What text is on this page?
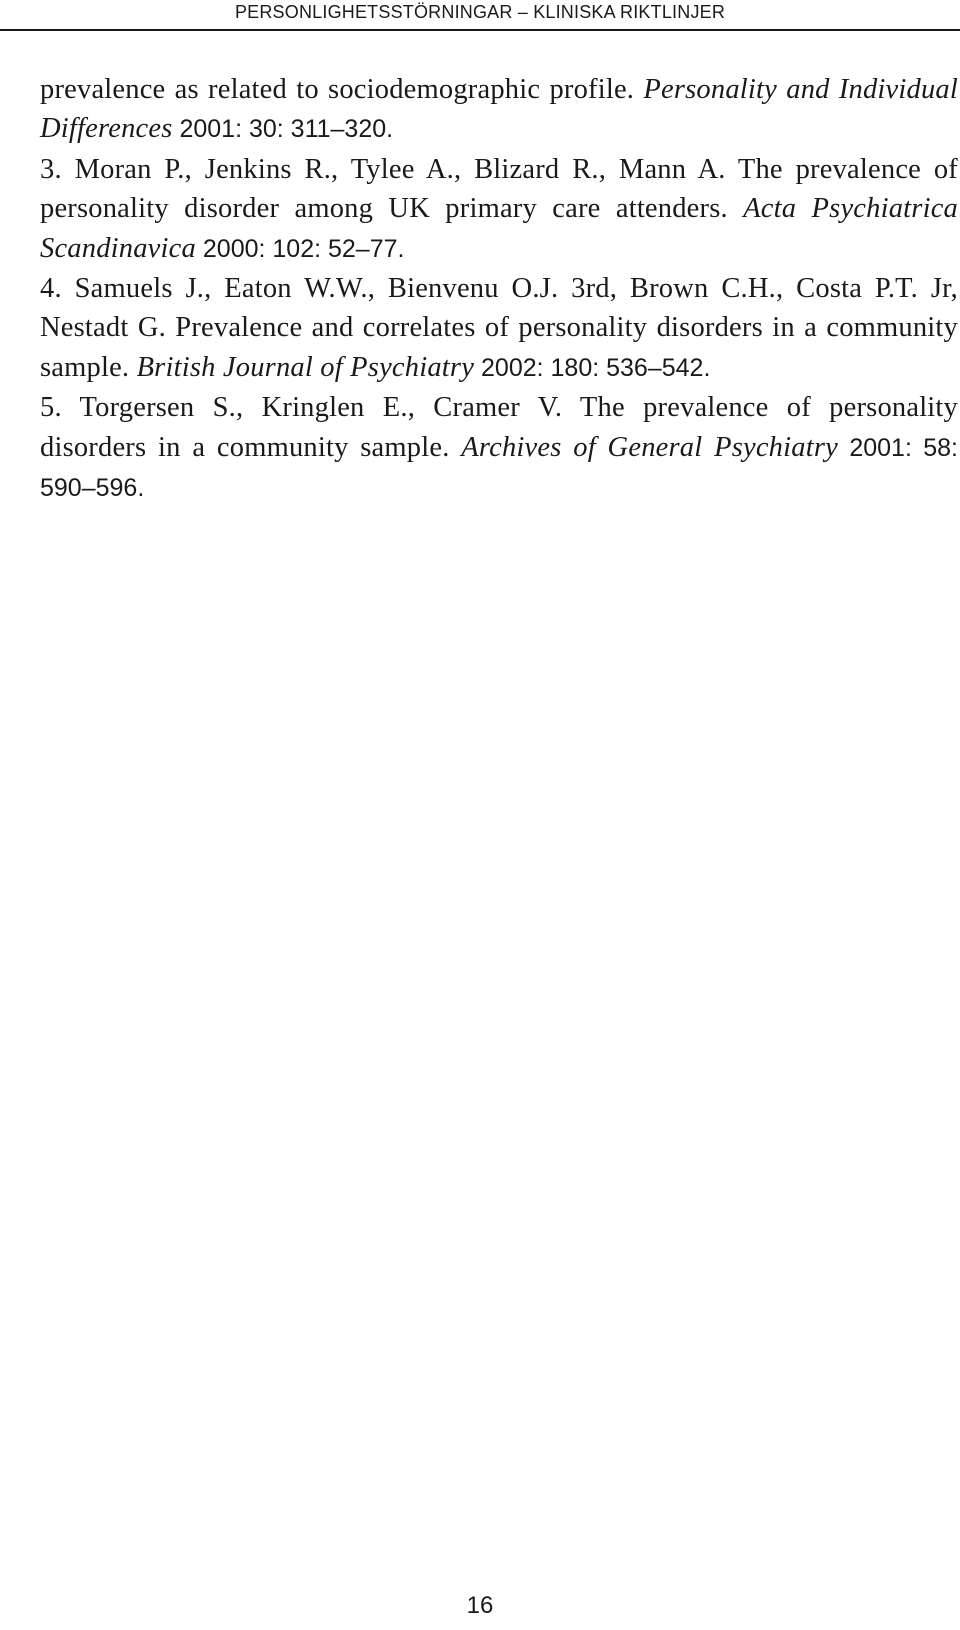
PERSONLIGHETSSTÖRNINGAR – KLINISKA RIKTLINJER

prevalence as related to sociodemographic profile. Personality and Individual Differences 2001: 30: 311–320.

3. Moran P., Jenkins R., Tylee A., Blizard R., Mann A. The prevalence of personality disorder among UK primary care attenders. Acta Psychiatrica Scandinavica 2000: 102: 52–77.

4. Samuels J., Eaton W.W., Bienvenu O.J. 3rd, Brown C.H., Costa P.T. Jr, Nestadt G. Prevalence and correlates of personality disorders in a community sample. British Journal of Psychiatry 2002: 180: 536–542.

5. Torgersen S., Kringlen E., Cramer V. The prevalence of personality disorders in a community sample. Archives of General Psychiatry 2001: 58: 590–596.

16
